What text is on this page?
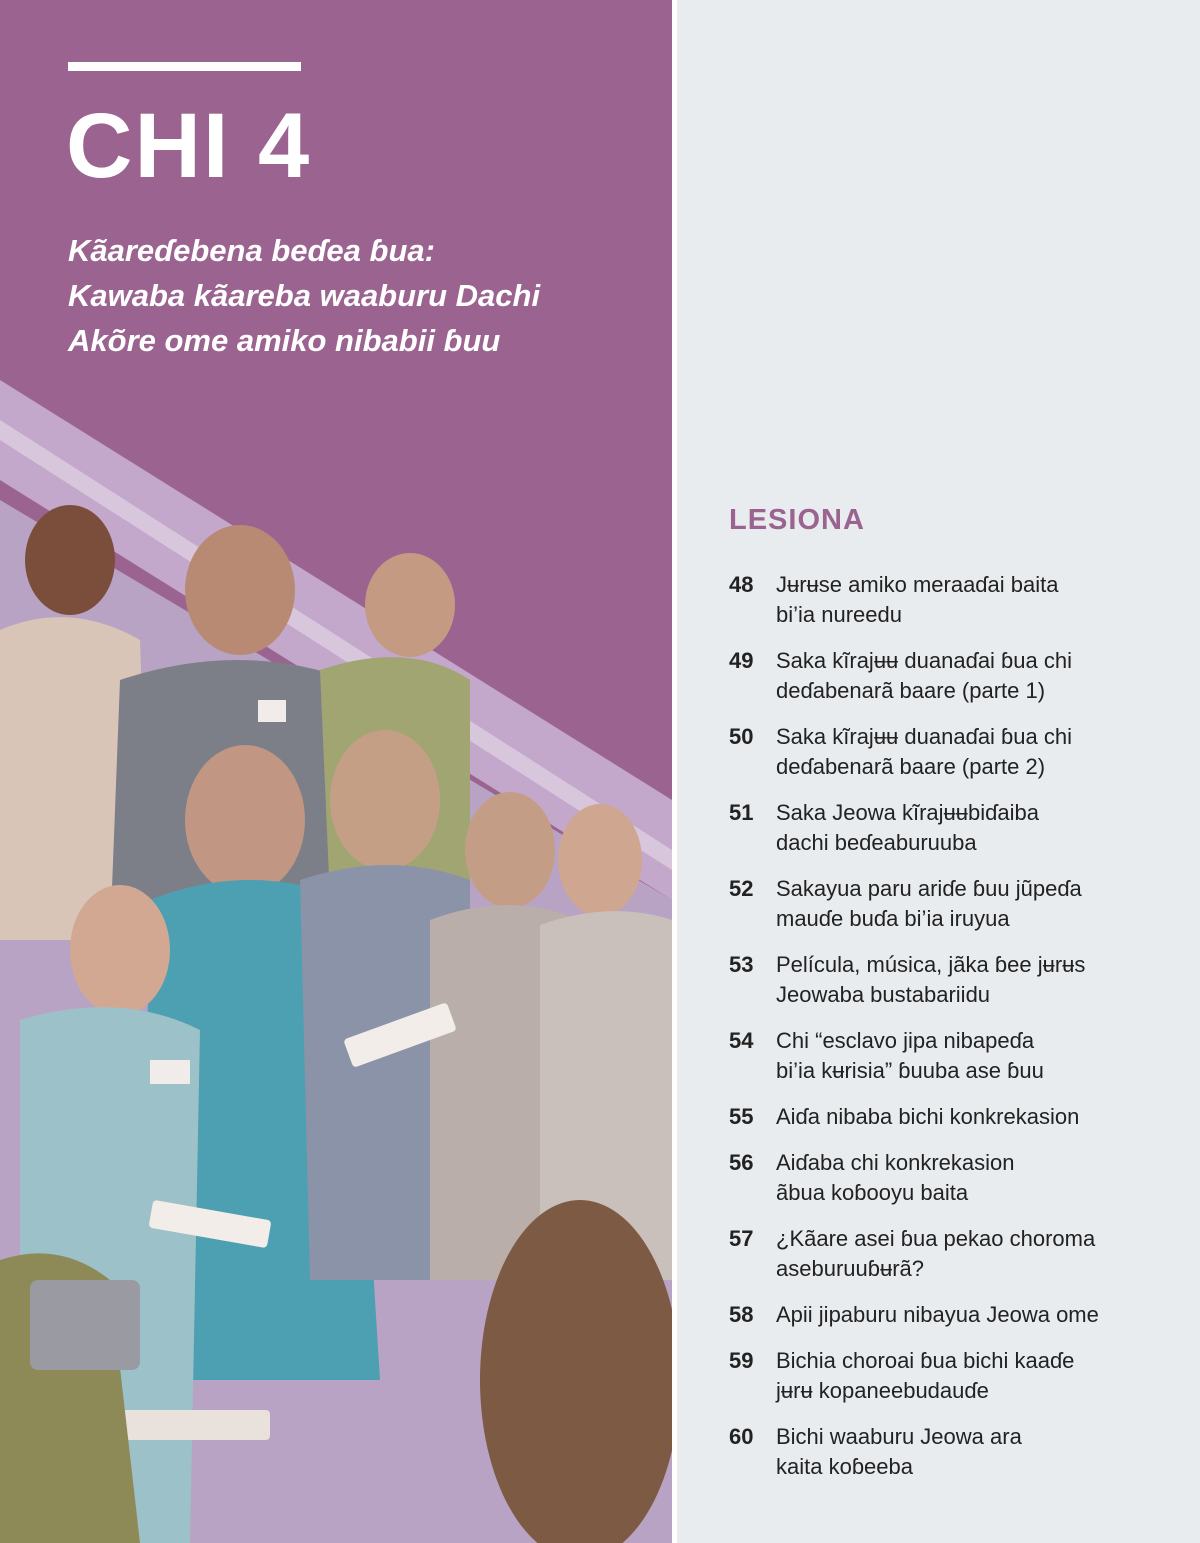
CHI 4

Kãareɗebena beɗea ɓua:
Kawaba kãareba waaburu Dachi
Akõre ome amiko nibabii ɓuu

LESIONA
48	Jʉrʉse amiko meraaɗai baita
bi’ia nureedu
49	Saka kĩrajʉʉ duanaɗai ɓua chi
deɗabenarã baare (parte 1)
50	Saka kĩrajʉʉ duanaɗai ɓua chi
deɗabenarã baare (parte 2)
51	Saka Jeowa kĩrajʉʉbiɗaiba
dachi beɗeaburuuba
52	Sakayua paru ariɗe ɓuu jũpeɗa
mauɗe buɗa bi’ia iruyua
53	Película, música, jãka ɓee jʉrʉs
Jeowaba bustabariidu
54	Chi “esclavo jipa nibapeɗa
bi’ia kʉrisia” ɓuuba ase ɓuu
55	Aiɗa nibaba bichi konkrekasion
56	Aiɗaba chi konkrekasion
ãbua koɓooyu baita
57	¿Kãare asei ɓua pekao choroma
aseburuuɓʉrã?
58	Apii jipaburu nibayua Jeowa ome
59	Bichia choroai ɓua bichi kaaɗe
jʉrʉ kopaneebudauɗe
60	Bichi waaburu Jeowa ara
kaita koɓeeba
